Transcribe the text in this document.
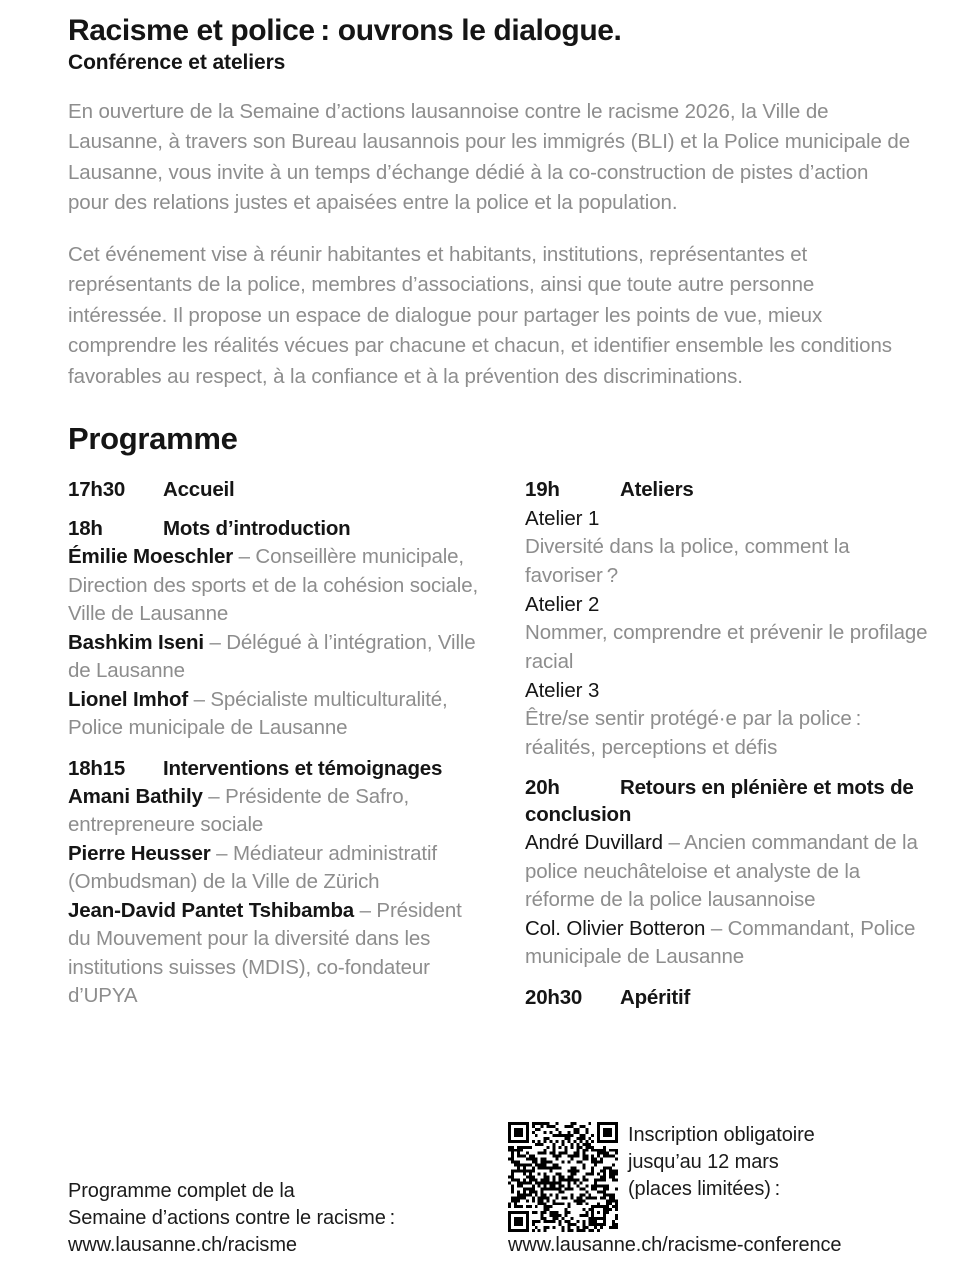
Racisme et police : ouvrons le dialogue.
Conférence et ateliers

En ouverture de la Semaine d’actions lausannoise contre le racisme 2026, la Ville de Lausanne, à travers son Bureau lausannois pour les immigrés (BLI) et la Police municipale de Lausanne, vous invite à un temps d’échange dédié à la co-construction de pistes d’action pour des relations justes et apaisées entre la police et la population.

Cet événement vise à réunir habitantes et habitants, institutions, représentantes et représentants de la police, membres d’associations, ainsi que toute autre personne intéressée. Il propose un espace de dialogue pour partager les points de vue, mieux comprendre les réalités vécues par chacune et chacun, et identifier ensemble les conditions favorables au respect, à la confiance et à la prévention des discriminations.

Programme
17h30	Accueil
18h	Mots d’introduction

Émilie Moeschler – Conseillère municipale, Direction des sports et de la cohésion sociale, Ville de Lausanne

Bashkim Iseni – Délégué à l’intégration, Ville de Lausanne

Lionel Imhof – Spécialiste multiculturalité, Police municipale de Lausanne

18h15	Interventions et témoignages

Amani Bathily – Présidente de Safro, entrepreneure sociale

Pierre Heusser – Médiateur administratif (Ombudsman) de la Ville de Zürich

Jean-David Pantet Tshibamba – Président du Mouvement pour la diversité dans les institutions suisses (MDIS), co-fondateur d’UPYA

19h	Ateliers
Atelier 1
Diversité dans la police, comment la favoriser ?
Atelier 2
Nommer, comprendre et prévenir le profilage racial
Atelier 3
Être/se sentir protégé·e par la police : réalités, perceptions et défis
20h	Retours en plénière et mots de conclusion

André Duvillard – Ancien commandant de la police neuchâteloise et analyste de la réforme de la police lausannoise

Col. Olivier Botteron – Commandant, Police municipale de Lausanne

20h30	Apéritif
Programme complet de la
Semaine d’actions contre le racisme :
www.lausanne.ch/racisme
Inscription obligatoire
jusqu’au 12 mars
(places limitées) :
www.lausanne.ch/racisme-conference
